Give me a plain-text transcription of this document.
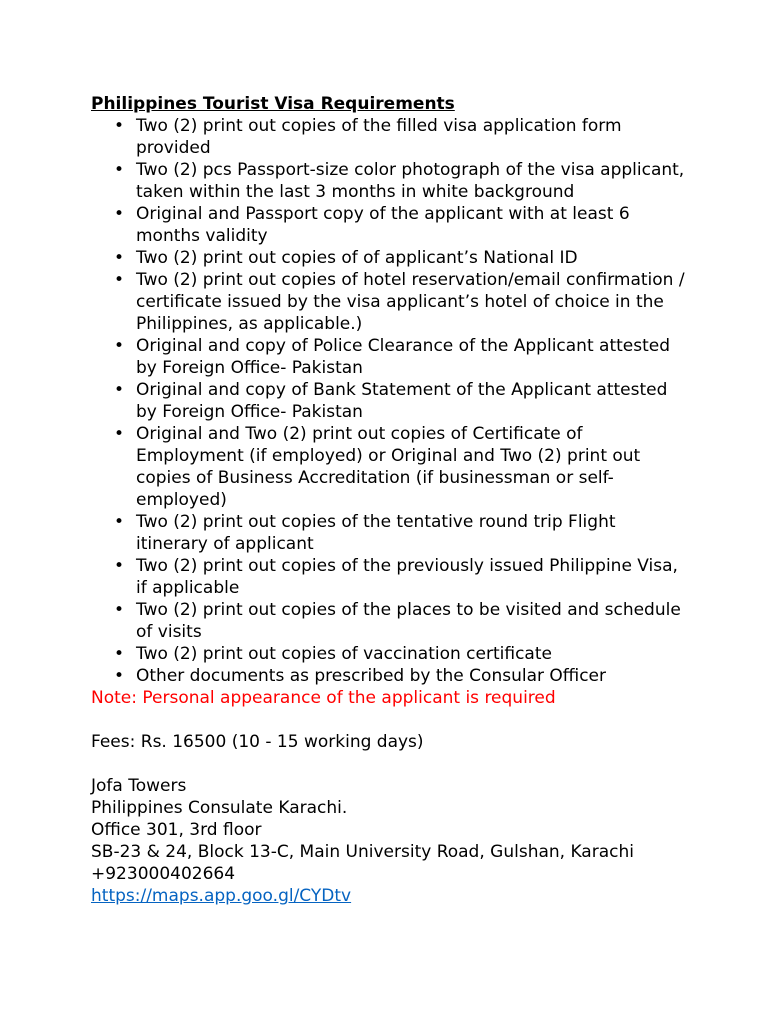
Philippines Tourist Visa Requirements
• Two (2) print out copies of the filled visa application form provided
• Two (2) pcs Passport-size color photograph of the visa applicant, taken within the last 3 months in white background
• Original and Passport copy of the applicant with at least 6 months validity
• Two (2) print out copies of of applicant’s National ID
• Two (2) print out copies of hotel reservation/email confirmation / certificate issued by the visa applicant’s hotel of choice in the Philippines, as applicable.)
• Original and copy of Police Clearance of the Applicant attested by Foreign Office- Pakistan
• Original and copy of Bank Statement of the Applicant attested by Foreign Office- Pakistan
• Original and Two (2) print out copies of Certificate of Employment (if employed) or Original and Two (2) print out copies of Business Accreditation (if businessman or self-employed)
• Two (2) print out copies of the tentative round trip Flight itinerary of applicant
• Two (2) print out copies of the previously issued Philippine Visa, if applicable
• Two (2) print out copies of the places to be visited and schedule of visits
• Two (2) print out copies of vaccination certificate
• Other documents as prescribed by the Consular Officer
Note: Personal appearance of the applicant is required
Fees: Rs. 16500 (10 - 15 working days)
Jofa Towers
Philippines Consulate Karachi.
Office 301, 3rd floor
SB-23 & 24, Block 13-C, Main University Road, Gulshan, Karachi
+923000402664
https://maps.app.goo.gl/CYDtv
